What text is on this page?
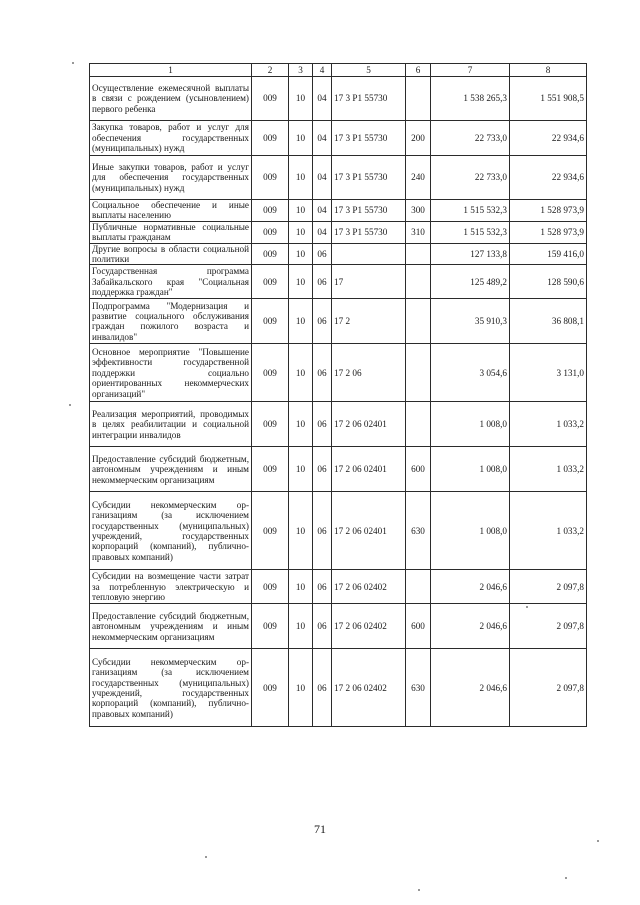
1	2	3	4	5	6	7	8
Осуществление ежемесячной выплаты в связи с рождением (усыновлением) первого ребенка	009	10	04	17 3 P1 55730		1 538 265,3	1 551 908,5
Закупка товаров, работ и услуг для обеспечения государственных (муниципальных) нужд	009	10	04	17 3 P1 55730	200	22 733,0	22 934,6
Иные закупки товаров, работ и услуг для обеспечения государственных (муниципальных) нужд	009	10	04	17 3 P1 55730	240	22 733,0	22 934,6
Социальное обеспечение и иные выплаты населению	009	10	04	17 3 P1 55730	300	1 515 532,3	1 528 973,9
Публичные нормативные социальные выплаты гражданам	009	10	04	17 3 P1 55730	310	1 515 532,3	1 528 973,9
Другие вопросы в области социальной политики	009	10	06			127 133,8	159 416,0
Государственная программа Забайкальского края "Социальная поддержка граждан"	009	10	06	17		125 489,2	128 590,6
Подпрограмма "Модернизация и развитие социального обслуживания граждан пожилого возраста и инвалидов"	009	10	06	17 2		35 910,3	36 808,1
Основное мероприятие "Повышение эффективности государственной поддержки социально ориентированных некоммерческих организаций"	009	10	06	17 2 06		3 054,6	3 131,0
Реализация мероприятий, проводимых в целях реабилитации и социальной интеграции инвалидов	009	10	06	17 2 06 02401		1 008,0	1 033,2
Предоставление субсидий бюджетным, автономным учреждениям и иным некоммерческим организациям	009	10	06	17 2 06 02401	600	1 008,0	1 033,2
Субсидии некоммерческим организациям (за исключением государственных (муниципальных) учреждений, государственных корпораций (компаний), публично-правовых компаний)	009	10	06	17 2 06 02401	630	1 008,0	1 033,2
Субсидии на возмещение части затрат за потребленную электрическую и тепловую энергию	009	10	06	17 2 06 02402		2 046,6	2 097,8
Предоставление субсидий бюджетным, автономным учреждениям и иным некоммерческим организациям	009	10	06	17 2 06 02402	600	2 046,6	2 097,8
Субсидии некоммерческим организациям (за исключением государственных (муниципальных) учреждений, государственных корпораций (компаний), публично-правовых компаний)	009	10	06	17 2 06 02402	630	2 046,6	2 097,8
71
